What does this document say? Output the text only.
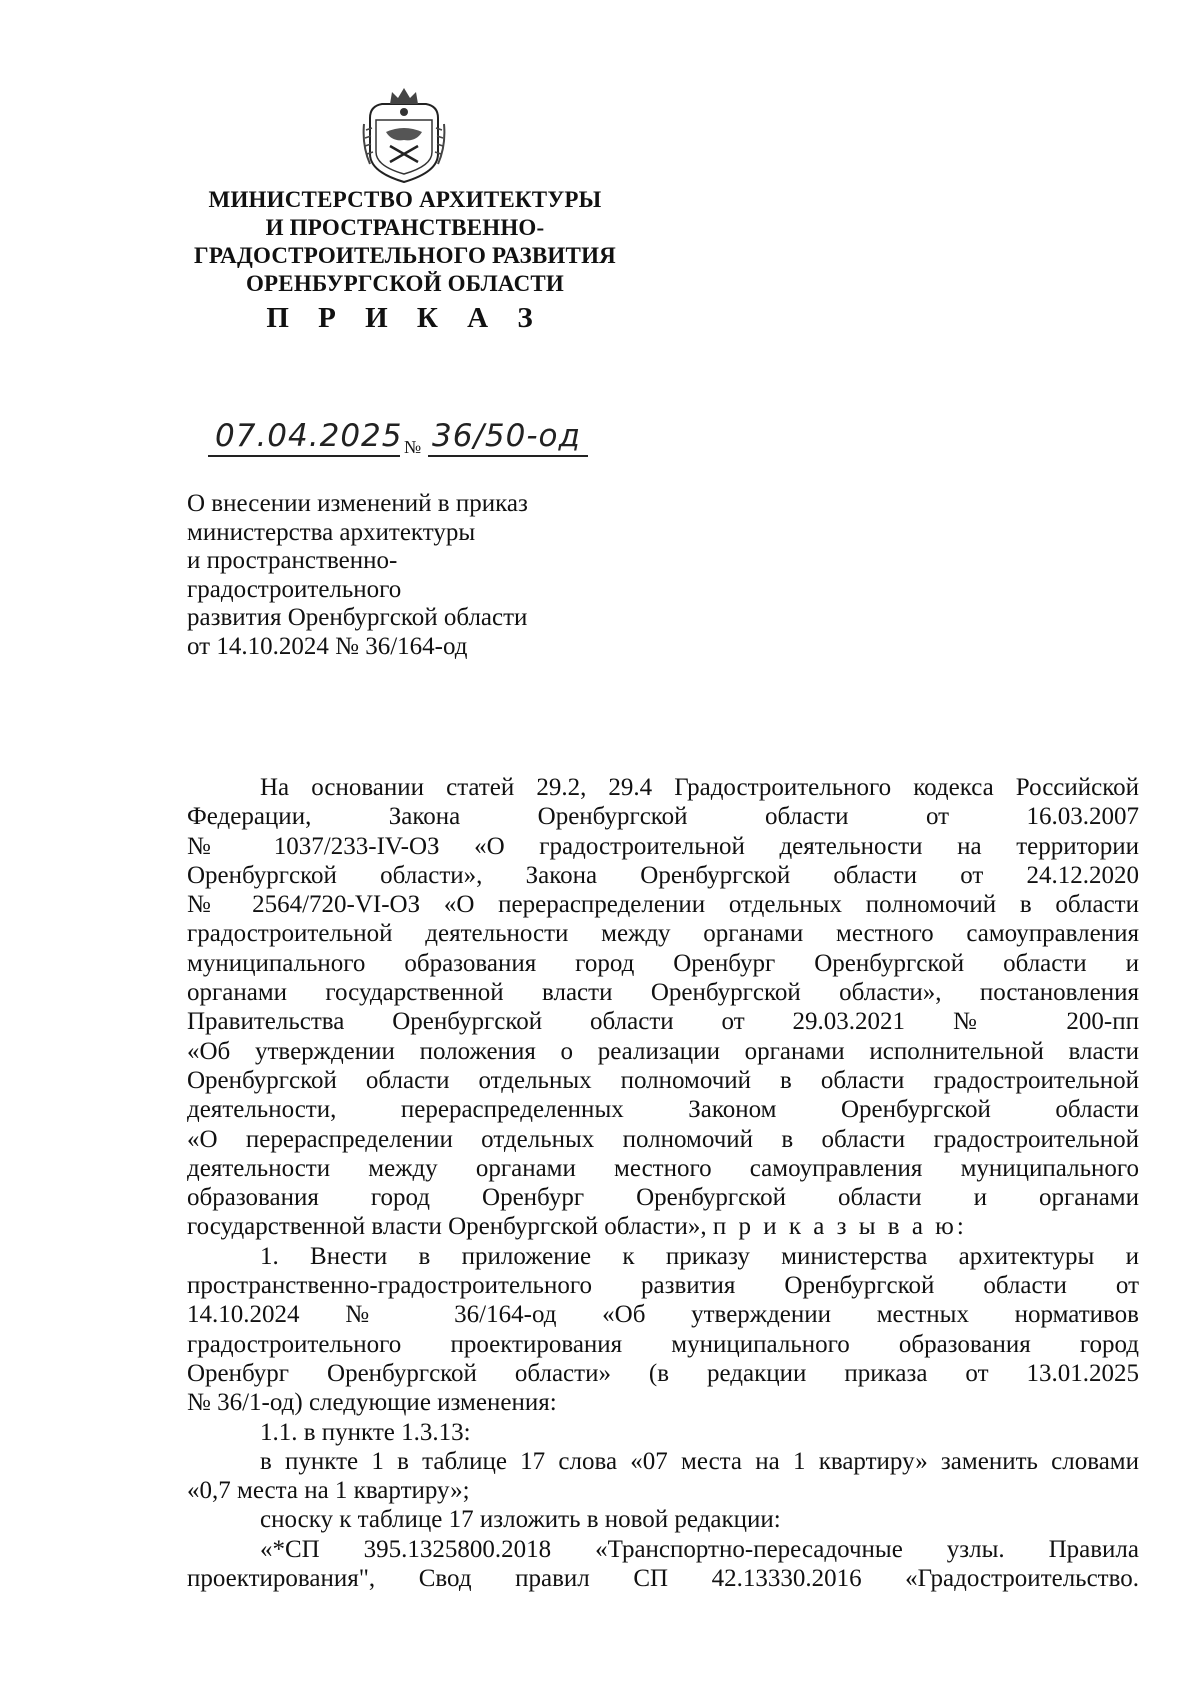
МИНИСТЕРСТВО АРХИТЕКТУРЫ
И ПРОСТРАНСТВЕННО-
ГРАДОСТРОИТЕЛЬНОГО РАЗВИТИЯ
ОРЕНБУРГСКОЙ ОБЛАСТИ
П Р И К А З
07.04.2025 № 36/50-од
О внесении изменений в приказ
министерства архитектуры
и пространственно-
градостроительного
развития Оренбургской области
от 14.10.2024 № 36/164-од
На основании статей 29.2, 29.4 Градостроительного кодекса Российской
Федерации, Закона Оренбургской области от 16.03.2007
№ 1037/233-IV-ОЗ «О градостроительной деятельности на территории
Оренбургской области», Закона Оренбургской области от 24.12.2020
№ 2564/720-VI-ОЗ «О перераспределении отдельных полномочий в области
градостроительной деятельности между органами местного самоуправления
муниципального образования город Оренбург Оренбургской области и
органами государственной власти Оренбургской области», постановления
Правительства Оренбургской области от 29.03.2021 № 200-пп
«Об утверждении положения о реализации органами исполнительной власти
Оренбургской области отдельных полномочий в области градостроительной
деятельности, перераспределенных Законом Оренбургской области
«О перераспределении отдельных полномочий в области градостроительной
деятельности между органами местного самоуправления муниципального
образования город Оренбург Оренбургской области и органами
государственной власти Оренбургской области», п р и к а з ы в а ю:
1. Внести в приложение к приказу министерства архитектуры и
пространственно-градостроительного развития Оренбургской области от
14.10.2024 № 36/164-од «Об утверждении местных нормативов
градостроительного проектирования муниципального образования город
Оренбург Оренбургской области» (в редакции приказа от 13.01.2025
№ 36/1-од) следующие изменения:
1.1. в пункте 1.3.13:
в пункте 1 в таблице 17 слова «07 места на 1 квартиру» заменить словами
«0,7 места на 1 квартиру»;
сноску к таблице 17 изложить в новой редакции:
«*СП 395.1325800.2018 «Транспортно-пересадочные узлы. Правила
проектирования", Свод правил СП 42.13330.2016 «Градостроительство.
